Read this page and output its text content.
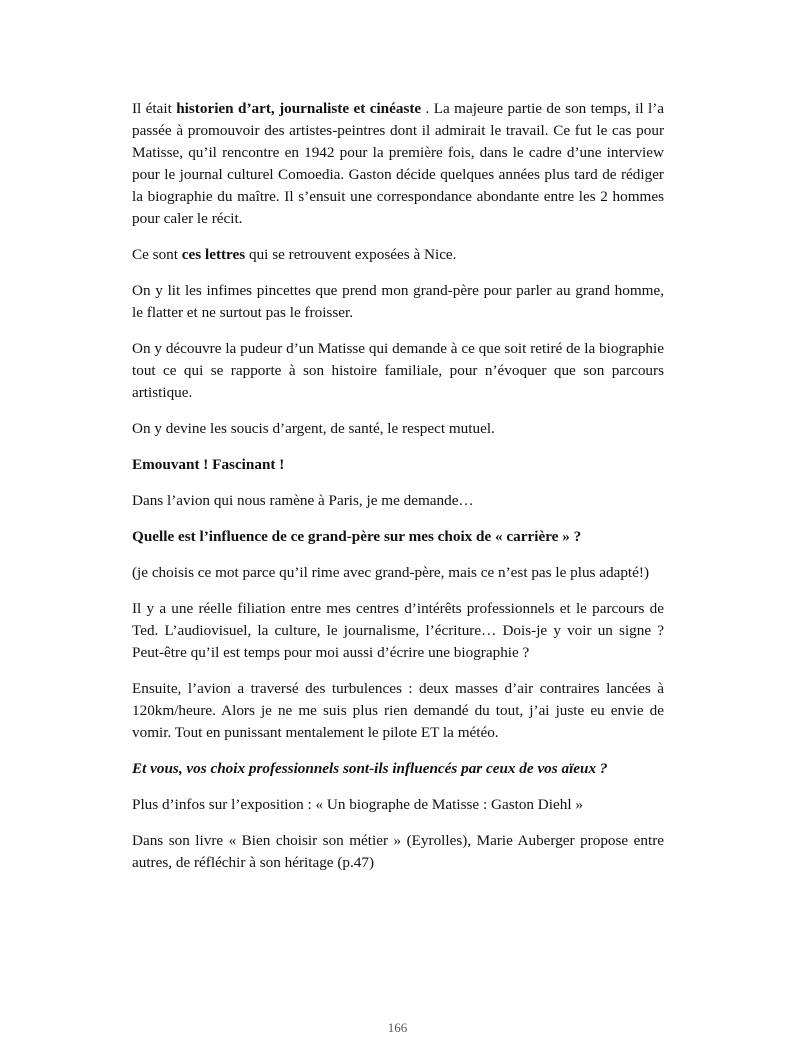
Il était historien d’art, journaliste et cinéaste . La majeure partie de son temps, il l’a passée à promouvoir des artistes-peintres dont il admirait le travail. Ce fut le cas pour Matisse, qu’il rencontre en 1942 pour la première fois, dans le cadre d’une interview pour le journal culturel Comoedia. Gaston décide quelques années plus tard de rédiger la biographie du maître. Il s’ensuit une correspondance abondante entre les 2 hommes pour caler le récit.

Ce sont ces lettres qui se retrouvent exposées à Nice.

On y lit les infimes pincettes que prend mon grand-père pour parler au grand homme, le flatter et ne surtout pas le froisser.

On y découvre la pudeur d’un Matisse qui demande à ce que soit retiré de la biographie tout ce qui se rapporte à son histoire familiale, pour n’évoquer que son parcours artistique.

On y devine les soucis d’argent, de santé, le respect mutuel.

Emouvant ! Fascinant !

Dans l’avion qui nous ramène à Paris, je me demande…

Quelle est l’influence de ce grand-père sur mes choix de « carrière » ?

(je choisis ce mot parce qu’il rime avec grand-père, mais ce n’est pas le plus adapté!)

Il y a une réelle filiation entre mes centres d’intérêts professionnels et le parcours de Ted. L’audiovisuel, la culture, le journalisme, l’écriture… Dois-je y voir un signe ? Peut-être qu’il est temps pour moi aussi d’écrire une biographie ?

Ensuite, l’avion a traversé des turbulences : deux masses d’air contraires lancées à 120km/heure. Alors je ne me suis plus rien demandé du tout, j’ai juste eu envie de vomir. Tout en punissant mentalement le pilote ET la météo.

Et vous, vos choix professionnels sont-ils influencés par ceux de vos aïeux ?

Plus d’infos sur l’exposition : « Un biographe de Matisse : Gaston Diehl »

Dans son livre « Bien choisir son métier » (Eyrolles), Marie Auberger propose entre autres, de réfléchir à son héritage (p.47)

166
